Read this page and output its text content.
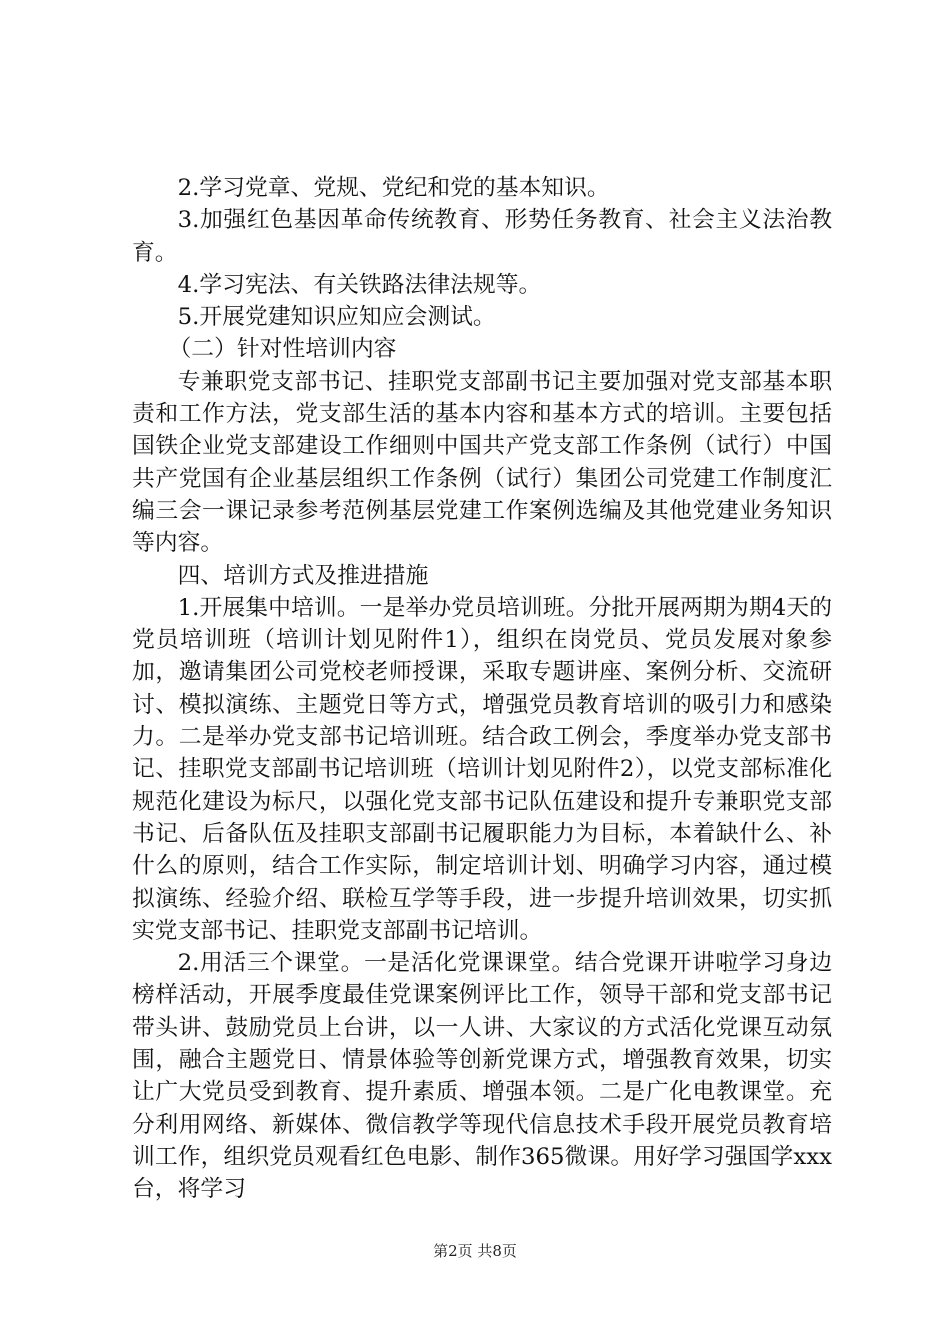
2.学习党章、党规、党纪和党的基本知识。

3.加强红色基因革命传统教育、形势任务教育、社会主义法治教育。

4.学习宪法、有关铁路法律法规等。

5.开展党建知识应知应会测试。

（二）针对性培训内容

专兼职党支部书记、挂职党支部副书记主要加强对党支部基本职责和工作方法，党支部生活的基本内容和基本方式的培训。主要包括国铁企业党支部建设工作细则中国共产党支部工作条例（试行）中国共产党国有企业基层组织工作条例（试行）集团公司党建工作制度汇编三会一课记录参考范例基层党建工作案例选编及其他党建业务知识等内容。

四、培训方式及推进措施

1.开展集中培训。一是举办党员培训班。分批开展两期为期4天的党员培训班（培训计划见附件1），组织在岗党员、党员发展对象参加，邀请集团公司党校老师授课，采取专题讲座、案例分析、交流研讨、模拟演练、主题党日等方式，增强党员教育培训的吸引力和感染力。二是举办党支部书记培训班。结合政工例会，季度举办党支部书记、挂职党支部副书记培训班（培训计划见附件2），以党支部标准化规范化建设为标尺，以强化党支部书记队伍建设和提升专兼职党支部书记、后备队伍及挂职支部副书记履职能力为目标，本着缺什么、补什么的原则，结合工作实际，制定培训计划、明确学习内容，通过模拟演练、经验介绍、联检互学等手段，进一步提升培训效果，切实抓实党支部书记、挂职党支部副书记培训。

2.用活三个课堂。一是活化党课课堂。结合党课开讲啦学习身边榜样活动，开展季度最佳党课案例评比工作，领导干部和党支部书记带头讲、鼓励党员上台讲，以一人讲、大家议的方式活化党课互动氛围，融合主题党日、情景体验等创新党课方式，增强教育效果，切实让广大党员受到教育、提升素质、增强本领。二是广化电教课堂。充分利用网络、新媒体、微信教学等现代信息技术手段开展党员教育培训工作，组织党员观看红色电影、制作365微课。用好学习强国学xxx台，将学习

第2页 共8页
